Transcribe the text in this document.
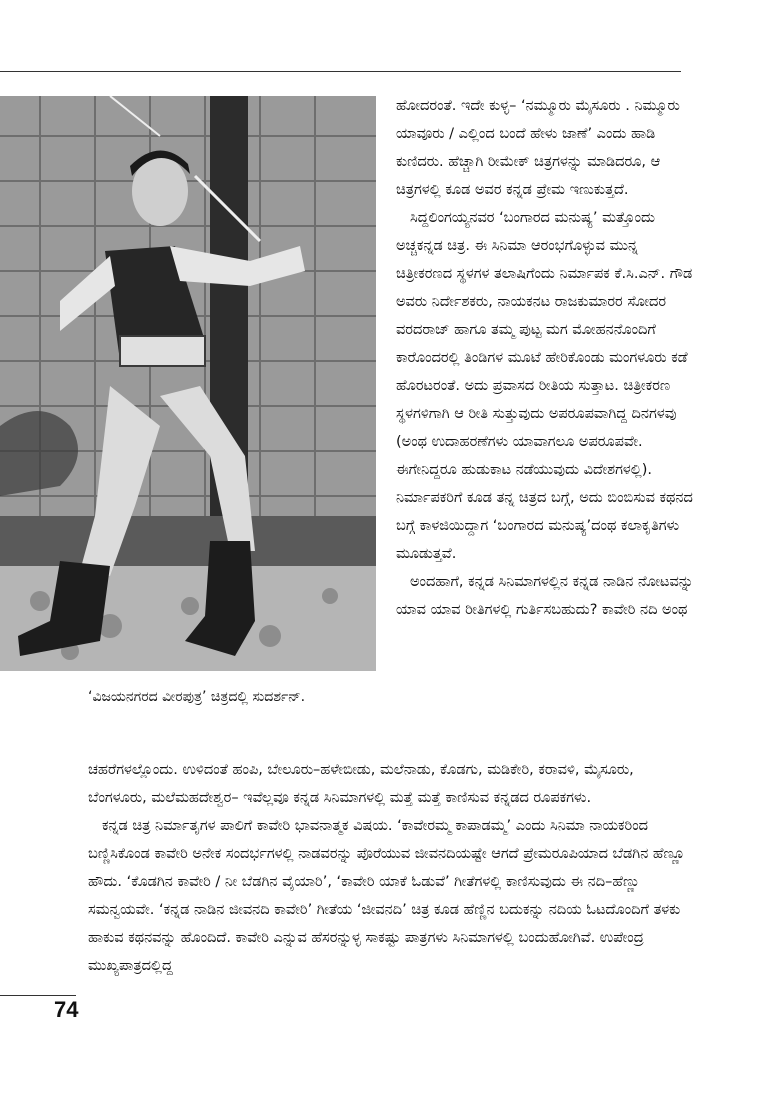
‘ವಿಜಯನಗರದ ವೀರಪುತ್ರ’ ಚಿತ್ರದಲ್ಲಿ ಸುದರ್ಶನ್.

ಹೋದರಂತೆ. ಇದೇ ಕುಳ್ಳ– ‘ನಮ್ಮೂರು ಮೈಸೂರು . ನಿಮ್ಮೂರು ಯಾವೂರು / ಎಲ್ಲಿಂದ ಬಂದೆ ಹೇಳು ಜಾಣೆ’ ಎಂದು ಹಾಡಿ ಕುಣಿದರು. ಹೆಚ್ಚಾಗಿ ರೀಮೇಕ್ ಚಿತ್ರಗಳನ್ನು ಮಾಡಿದರೂ, ಆ ಚಿತ್ರಗಳಲ್ಲಿ ಕೂಡ ಅವರ ಕನ್ನಡ ಪ್ರೇಮ ಇಣುಕುತ್ತದೆ.

ಸಿದ್ದಲಿಂಗಯ್ಯನವರ ‘ಬಂಗಾರದ ಮನುಷ್ಯ’ ಮತ್ತೊಂದು ಅಚ್ಚಕನ್ನಡ ಚಿತ್ರ. ಈ ಸಿನಿಮಾ ಆರಂಭಗೊಳ್ಳುವ ಮುನ್ನ ಚಿತ್ರೀಕರಣದ ಸ್ಥಳಗಳ ತಲಾಷಿಗೆಂದು ನಿರ್ಮಾಪಕ ಕೆ.ಸಿ.ಎನ್. ಗೌಡ ಅವರು ನಿರ್ದೇಶಕರು, ನಾಯಕನಟ ರಾಜಕುಮಾರರ ಸೋದರ ವರದರಾಜ್ ಹಾಗೂ ತಮ್ಮ ಪುಟ್ಟ ಮಗ ಮೋಹನನೊಂದಿಗೆ ಕಾರೊಂದರಲ್ಲಿ ತಿಂಡಿಗಳ ಮೂಟೆ ಹೇರಿಕೊಂಡು ಮಂಗಳೂರು ಕಡೆ ಹೊರಟರಂತೆ. ಅದು ಪ್ರವಾಸದ ರೀತಿಯ ಸುತ್ತಾಟ. ಚಿತ್ರೀಕರಣ ಸ್ಥಳಗಳಿಗಾಗಿ ಆ ರೀತಿ ಸುತ್ತುವುದು ಅಪರೂಪವಾಗಿದ್ದ ದಿನಗಳವು (ಅಂಥ ಉದಾಹರಣೆಗಳು ಯಾವಾಗಲೂ ಅಪರೂಪವೇ. ಈಗೇನಿದ್ದರೂ ಹುಡುಕಾಟ ನಡೆಯುವುದು ವಿದೇಶಗಳಲ್ಲಿ). ನಿರ್ಮಾಪಕರಿಗೆ ಕೂಡ ತನ್ನ ಚಿತ್ರದ ಬಗ್ಗೆ, ಅದು ಬಿಂಬಿಸುವ ಕಥನದ ಬಗ್ಗೆ ಕಾಳಜಿಯಿದ್ದಾಗ ‘ಬಂಗಾರದ ಮನುಷ್ಯ’ದಂಥ ಕಲಾಕೃತಿಗಳು ಮೂಡುತ್ತವೆ.

ಅಂದಹಾಗೆ, ಕನ್ನಡ ಸಿನಿಮಾಗಳಲ್ಲಿನ ಕನ್ನಡ ನಾಡಿನ ನೋಟವನ್ನು ಯಾವ ಯಾವ ರೀತಿಗಳಲ್ಲಿ ಗುರ್ತಿಸಬಹುದು? ಕಾವೇರಿ ನದಿ ಅಂಥ

ಚಹರೆಗಳಲ್ಲೊಂದು. ಉಳಿದಂತೆ ಹಂಪಿ, ಬೇಲೂರು–ಹಳೇಬೀಡು, ಮಲೆನಾಡು, ಕೊಡಗು, ಮಡಿಕೇರಿ, ಕರಾವಳಿ, ಮೈಸೂರು, ಬೆಂಗಳೂರು, ಮಲೆಮಹದೇಶ್ವರ– ಇವೆಲ್ಲವೂ ಕನ್ನಡ ಸಿನಿಮಾಗಳಲ್ಲಿ ಮತ್ತೆ ಮತ್ತೆ ಕಾಣಿಸುವ ಕನ್ನಡದ ರೂಪಕಗಳು.

ಕನ್ನಡ ಚಿತ್ರ ನಿರ್ಮಾತೃಗಳ ಪಾಲಿಗೆ ಕಾವೇರಿ ಭಾವನಾತ್ಮಕ ವಿಷಯ. ‘ಕಾವೇರಮ್ಮ ಕಾಪಾಡಮ್ಮ’ ಎಂದು ಸಿನಿಮಾ ನಾಯಕರಿಂದ ಬಣ್ಣಿಸಿಕೊಂಡ ಕಾವೇರಿ ಅನೇಕ ಸಂದರ್ಭಗಳಲ್ಲಿ ನಾಡವರನ್ನು ಪೊರೆಯುವ ಜೀವನದಿಯಷ್ಟೇ ಆಗದೆ ಪ್ರೇಮರೂಪಿಯಾದ ಬೆಡಗಿನ ಹೆಣ್ಣೂ ಹೌದು. ‘ಕೊಡಗಿನ ಕಾವೇರಿ / ನೀ ಬೆಡಗಿನ ವೈಯಾರಿ’, ‘ಕಾವೇರಿ ಯಾಕೆ ಓಡುವೆ’ ಗೀತೆಗಳಲ್ಲಿ ಕಾಣಿಸುವುದು ಈ ನದಿ–ಹೆಣ್ಣು ಸಮನ್ವಯವೇ. ‘ಕನ್ನಡ ನಾಡಿನ ಜೀವನದಿ ಕಾವೇರಿ’ ಗೀತೆಯ ‘ಜೀವನದಿ’ ಚಿತ್ರ ಕೂಡ ಹೆಣ್ಣಿನ ಬದುಕನ್ನು ನದಿಯ ಓಟದೊಂದಿಗೆ ತಳಕು ಹಾಕುವ ಕಥನವನ್ನು ಹೊಂದಿದೆ. ಕಾವೇರಿ ಎನ್ನುವ ಹೆಸರನ್ನುಳ್ಳ ಸಾಕಷ್ಟು ಪಾತ್ರಗಳು ಸಿನಿಮಾಗಳಲ್ಲಿ ಬಂದುಹೋಗಿವೆ. ಉಪೇಂದ್ರ ಮುಖ್ಯಪಾತ್ರದಲ್ಲಿದ್ದ

74
